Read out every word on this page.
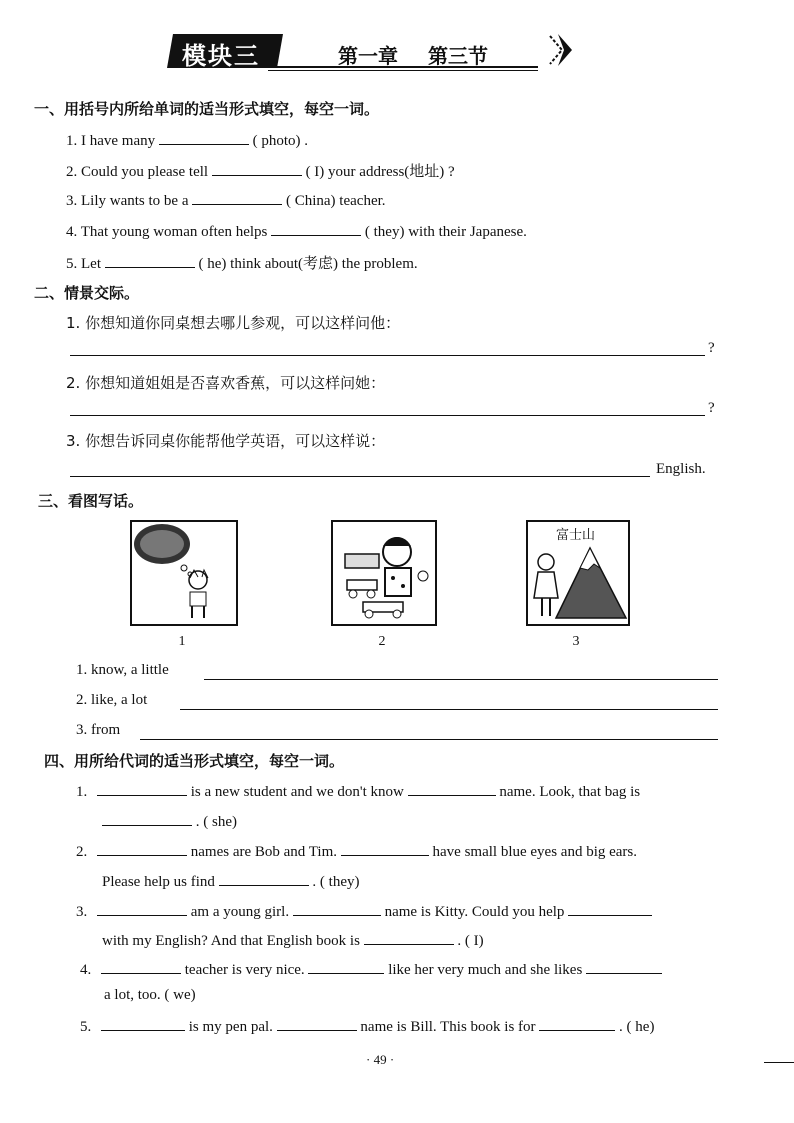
模块三	第一章 第三节
一、用括号内所给单词的适当形式填空，每空一词。
1. I have many	( photo) .
2. Could you please tell	( I) your address(地址) ?
3. Lily wants to be a	( China) teacher.
4. That young woman often helps	( they) with their Japanese.
5. Let	( he) think about(考虑) the problem.
二、情景交际。
1. 你想知道你同桌想去哪儿参观，可以这样问他：
?
2. 你想知道姐姐是否喜欢香蕉，可以这样问她：
?
3. 你想告诉同桌你能帮他学英语，可以这样说：
English.
三、看图写话。
富士山
1	2	3
1. know, a little
2. like, a lot
3. from
四、用所给代词的适当形式填空，每空一词。
1.	is a new student and we don't know	name. Look, that bag is
. ( she)
2.	names are Bob and Tim.	have small blue eyes and big ears.
Please help us find	. ( they)
3.	am a young girl.	name is Kitty. Could you help
with my English? And that English book is	. ( I)
4.	teacher is very nice.	like her very much and she likes
a lot, too. ( we)
5.	is my pen pal.	name is Bill. This book is for	. ( he)
· 49 ·
